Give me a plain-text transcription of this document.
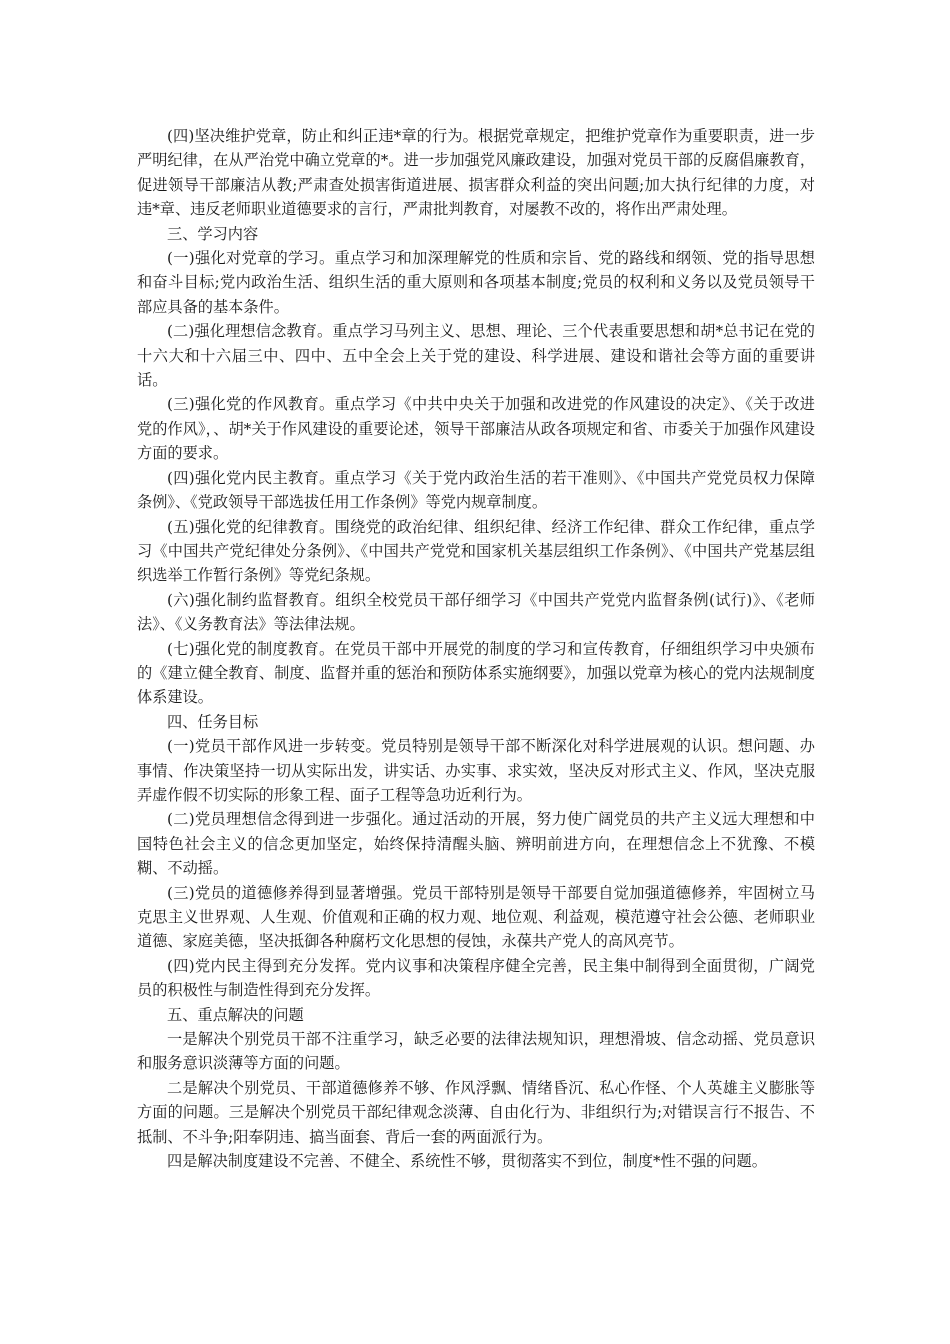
(四)坚决维护党章，防止和纠正违*章的行为。根据党章规定，把维护党章作为重要职责，进一步严明纪律，在从严治党中确立党章的*。进一步加强党风廉政建设，加强对党员干部的反腐倡廉教育，促进领导干部廉洁从教;严肃查处损害街道进展、损害群众利益的突出问题;加大执行纪律的力度，对违*章、违反老师职业道德要求的言行，严肃批判教育，对屡教不改的，将作出严肃处理。

三、学习内容

(一)强化对党章的学习。重点学习和加深理解党的性质和宗旨、党的路线和纲领、党的指导思想和奋斗目标;党内政治生活、组织生活的重大原则和各项基本制度;党员的权利和义务以及党员领导干部应具备的基本条件。

(二)强化理想信念教育。重点学习马列主义、思想、理论、三个代表重要思想和胡*总书记在党的十六大和十六届三中、四中、五中全会上关于党的建设、科学进展、建设和谐社会等方面的重要讲话。

(三)强化党的作风教育。重点学习《中共中央关于加强和改进党的作风建设的决定》、《关于改进党的作风》，、胡*关于作风建设的重要论述，领导干部廉洁从政各项规定和省、市委关于加强作风建设方面的要求。

(四)强化党内民主教育。重点学习《关于党内政治生活的若干准则》、《中国共产党党员权力保障条例》、《党政领导干部选拔任用工作条例》等党内规章制度。

(五)强化党的纪律教育。围绕党的政治纪律、组织纪律、经济工作纪律、群众工作纪律，重点学习《中国共产党纪律处分条例》、《中国共产党党和国家机关基层组织工作条例》、《中国共产党基层组织选举工作暂行条例》等党纪条规。

(六)强化制约监督教育。组织全校党员干部仔细学习《中国共产党党内监督条例(试行)》、《老师法》、《义务教育法》等法律法规。

(七)强化党的制度教育。在党员干部中开展党的制度的学习和宣传教育，仔细组织学习中央颁布的《建立健全教育、制度、监督并重的惩治和预防体系实施纲要》，加强以党章为核心的党内法规制度体系建设。

四、任务目标

(一)党员干部作风进一步转变。党员特别是领导干部不断深化对科学进展观的认识。想问题、办事情、作决策坚持一切从实际出发，讲实话、办实事、求实效，坚决反对形式主义、作风，坚决克服弄虚作假不切实际的形象工程、面子工程等急功近利行为。

(二)党员理想信念得到进一步强化。通过活动的开展，努力使广阔党员的共产主义远大理想和中国特色社会主义的信念更加坚定，始终保持清醒头脑、辨明前进方向，在理想信念上不犹豫、不模糊、不动摇。

(三)党员的道德修养得到显著增强。党员干部特别是领导干部要自觉加强道德修养，牢固树立马克思主义世界观、人生观、价值观和正确的权力观、地位观、利益观，模范遵守社会公德、老师职业道德、家庭美德，坚决抵御各种腐朽文化思想的侵蚀，永葆共产党人的高风亮节。

(四)党内民主得到充分发挥。党内议事和决策程序健全完善，民主集中制得到全面贯彻，广阔党员的积极性与制造性得到充分发挥。

五、重点解决的问题

一是解决个别党员干部不注重学习，缺乏必要的法律法规知识，理想滑坡、信念动摇、党员意识和服务意识淡薄等方面的问题。

二是解决个别党员、干部道德修养不够、作风浮飘、情绪昏沉、私心作怪、个人英雄主义膨胀等方面的问题。三是解决个别党员干部纪律观念淡薄、自由化行为、非组织行为;对错误言行不报告、不抵制、不斗争;阳奉阴违、搞当面套、背后一套的两面派行为。

四是解决制度建设不完善、不健全、系统性不够，贯彻落实不到位，制度*性不强的问题。
